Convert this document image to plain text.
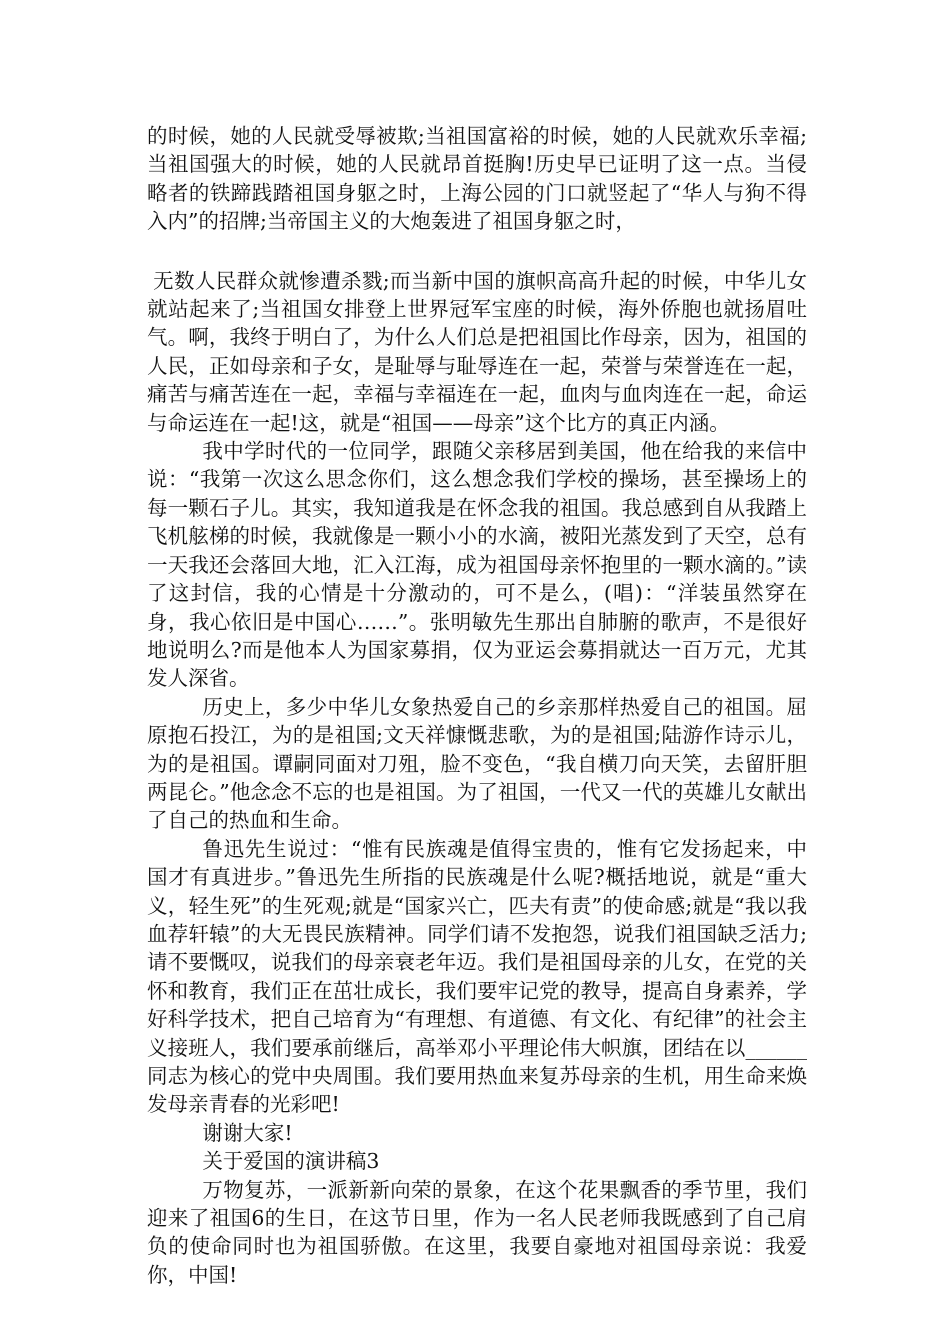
的时候，她的人民就受辱被欺;当祖国富裕的时候，她的人民就欢乐幸福;当祖国强大的时候，她的人民就昂首挺胸!历史早已证明了这一点。当侵略者的铁蹄践踏祖国身躯之时，上海公园的门口就竖起了“华人与狗不得入内”的招牌;当帝国主义的大炮轰进了祖国身躯之时，

无数人民群众就惨遭杀戮;而当新中国的旗帜高高升起的时候，中华儿女就站起来了;当祖国女排登上世界冠军宝座的时候，海外侨胞也就扬眉吐气。啊，我终于明白了，为什么人们总是把祖国比作母亲，因为，祖国的人民，正如母亲和子女，是耻辱与耻辱连在一起，荣誉与荣誉连在一起，痛苦与痛苦连在一起，幸福与幸福连在一起，血肉与血肉连在一起，命运与命运连在一起!这，就是“祖国——母亲”这个比方的真正内涵。

我中学时代的一位同学，跟随父亲移居到美国，他在给我的来信中说：“我第一次这么思念你们，这么想念我们学校的操场，甚至操场上的每一颗石子儿。其实，我知道我是在怀念我的祖国。我总感到自从我踏上飞机舷梯的时候，我就像是一颗小小的水滴，被阳光蒸发到了天空，总有一天我还会落回大地，汇入江海，成为祖国母亲怀抱里的一颗水滴的。”读了这封信，我的心情是十分激动的，可不是么，(唱)：“洋装虽然穿在身，我心依旧是中国心……”。张明敏先生那出自肺腑的歌声，不是很好地说明么?而是他本人为国家募捐，仅为亚运会募捐就达一百万元，尤其发人深省。

历史上，多少中华儿女象热爱自己的乡亲那样热爱自己的祖国。屈原抱石投江，为的是祖国;文天祥慷慨悲歌，为的是祖国;陆游作诗示儿，为的是祖国。谭嗣同面对刀殂，脸不变色，“我自横刀向天笑，去留肝胆两昆仑。”他念念不忘的也是祖国。为了祖国，一代又一代的英雄儿女献出了自己的热血和生命。

鲁迅先生说过：“惟有民族魂是值得宝贵的，惟有它发扬起来，中国才有真进步。”鲁迅先生所指的民族魂是什么呢?概括地说，就是“重大义，轻生死”的生死观;就是“国家兴亡，匹夫有责”的使命感;就是“我以我血荐轩辕”的大无畏民族精神。同学们请不发抱怨，说我们祖国缺乏活力;请不要慨叹，说我们的母亲衰老年迈。我们是祖国母亲的儿女，在党的关怀和教育，我们正在茁壮成长，我们要牢记党的教导，提高自身素养，学好科学技术，把自己培育为“有理想、有道德、有文化、有纪律”的社会主义接班人，我们要承前继后，高举邓小平理论伟大帜旗，团结在以______同志为核心的党中央周围。我们要用热血来复苏母亲的生机，用生命来焕发母亲青春的光彩吧!

谢谢大家!

关于爱国的演讲稿3

万物复苏，一派新新向荣的景象，在这个花果飘香的季节里，我们迎来了祖国6的生日，在这节日里，作为一名人民老师我既感到了自己肩负的使命同时也为祖国骄傲。在这里，我要自豪地对祖国母亲说：我爱你，中国!
